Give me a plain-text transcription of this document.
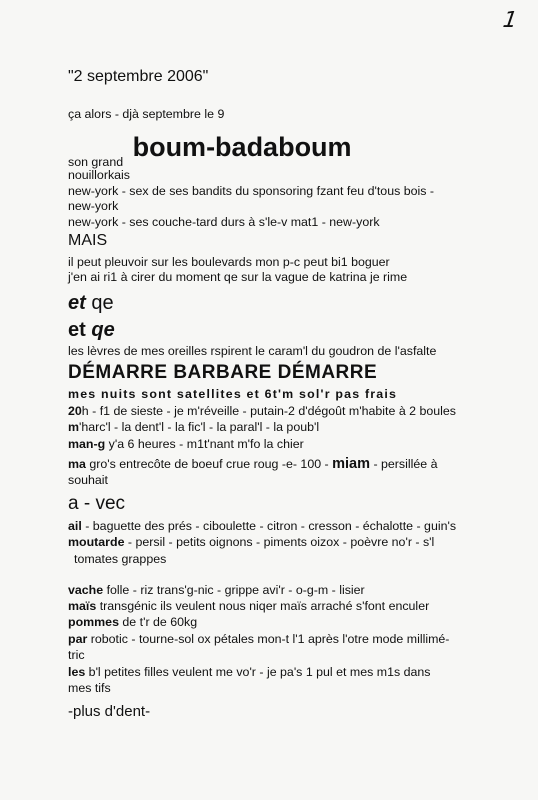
1
"2 septembre 2006"
ça alors - djà septembre le 9
son grand boum-badaboum
nouillorkais
new-york - sex de ses bandits du sponsoring fzant feu d'tous bois -
new-york
new-york - ses couche-tard durs à s'le-v mat1 - new-york
MAIS
il peut pleuvoir sur les boulevards mon p-c peut bi1 boguer
j'en ai ri1 à cirer du moment qe sur la vague de katrina je rime
et qe
et qe
les lèvres de mes oreilles rspirent le caram'l du goudron de l'asfalte
DÉMARRE BARBARE DÉMARRE
mes nuits sont satellites et 6t'm sol'r pas frais
20h - f1 de sieste - je m'réveille - putain-2 d'dégoût m'habite à 2 boules
m'harc'l - la dent'l - la fic'l - la paral'l - la poub'l
man-g y'a 6 heures - m1t'nant m'fo la chier
ma gro's entrecôte de boeuf crue roug -e- 100 - miam - persillée à
souhait
a - vec
ail - baguette des prés - ciboulette - citron - cresson - échalotte - guin's
moutarde - persil - petits oignons - piments oizox - poèvre no'r - s'l
tomates grappes
vache folle - riz trans'g-nic - grippe avi'r - o-g-m - lisier
maïs transgénic ils veulent nous niqer maïs arraché s'font enculer
pommes de t'r de 60kg
par robotic - tourne-sol ox pétales mon-t l'1 après l'otre mode millimé-
tric
les b'l petites filles veulent me vo'r - je pa's 1 pul et mes m1s dans
mes tifs
-plus d'dent-
